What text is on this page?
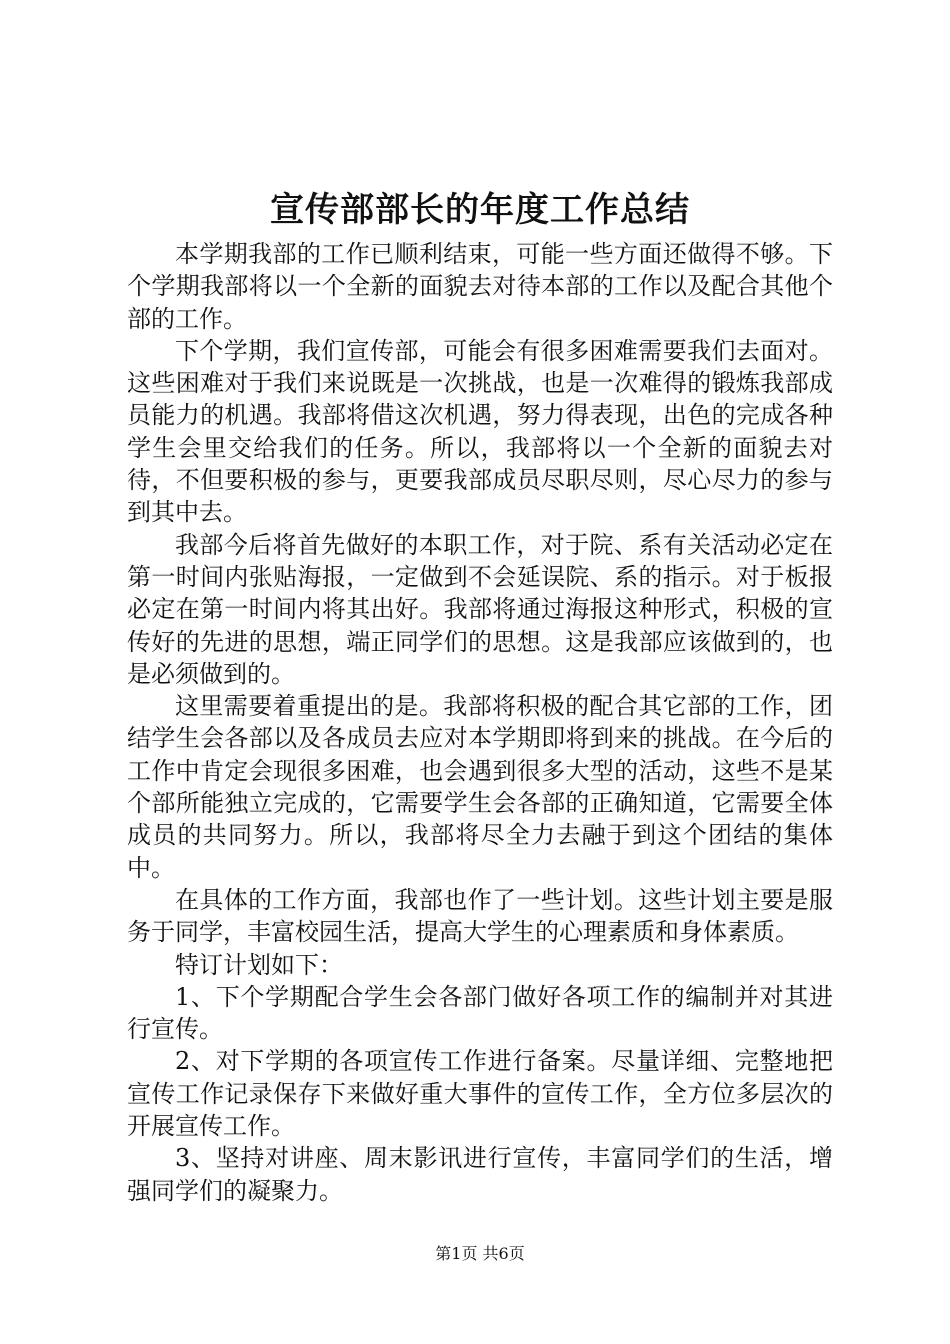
宣传部部长的年度工作总结

本学期我部的工作已顺利结束，可能一些方面还做得不够。下个学期我部将以一个全新的面貌去对待本部的工作以及配合其他个部的工作。

下个学期，我们宣传部，可能会有很多困难需要我们去面对。这些困难对于我们来说既是一次挑战，也是一次难得的锻炼我部成员能力的机遇。我部将借这次机遇，努力得表现，出色的完成各种学生会里交给我们的任务。所以，我部将以一个全新的面貌去对待，不但要积极的参与，更要我部成员尽职尽则，尽心尽力的参与到其中去。

我部今后将首先做好的本职工作，对于院、系有关活动必定在第一时间内张贴海报，一定做到不会延误院、系的指示。对于板报必定在第一时间内将其出好。我部将通过海报这种形式，积极的宣传好的先进的思想，端正同学们的思想。这是我部应该做到的，也是必须做到的。

这里需要着重提出的是。我部将积极的配合其它部的工作，团结学生会各部以及各成员去应对本学期即将到来的挑战。在今后的工作中肯定会现很多困难，也会遇到很多大型的活动，这些不是某个部所能独立完成的，它需要学生会各部的正确知道，它需要全体成员的共同努力。所以，我部将尽全力去融于到这个团结的集体中。

在具体的工作方面，我部也作了一些计划。这些计划主要是服务于同学，丰富校园生活，提高大学生的心理素质和身体素质。

特订计划如下：

1、下个学期配合学生会各部门做好各项工作的编制并对其进行宣传。

2、对下学期的各项宣传工作进行备案。尽量详细、完整地把宣传工作记录保存下来做好重大事件的宣传工作，全方位多层次的开展宣传工作。

3、坚持对讲座、周末影讯进行宣传，丰富同学们的生活，增强同学们的凝聚力。

第1页 共6页
